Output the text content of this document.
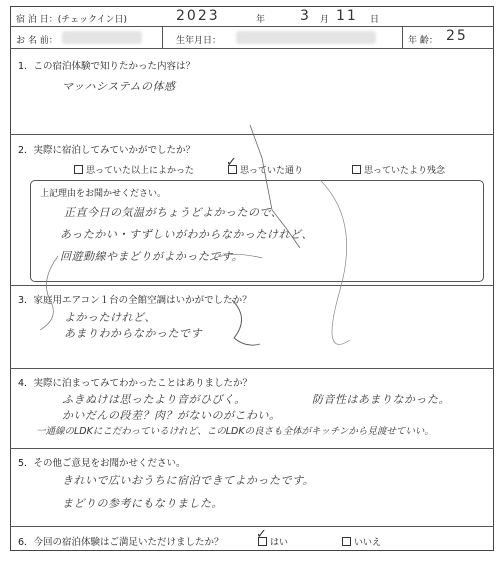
宿 泊 日：(チェックイン日)	2023	年 3 月 11 日
お 名 前：	生年月日：	年 齢： 25
1．この宿泊体験で知りたかった内容は？
マッハシステムの体感
2．実際に宿泊してみていかがでしたか？
思っていた以上によかった	思っていた通り
✓
思っていたより残念
上記理由をお聞かせください。
正直今日の気温がちょうどよかったので、
あったかい・すずしいがわからなかったけれど、
回遊動線やまどりがよかったです。
3．家庭用エアコン１台の全館空調はいかがでしたか？
よかったけれど、
あまりわからなかったです
4．実際に泊まってみてわかったことはありましたか？
ふきぬけは思ったより音がひびく。	防音性はあまりなかった。
かいだんの段差？肉？がないのがこわい。
一通線のLDKにこだわっているけれど、このLDKの良さも全体がキッチンから見渡せていい。
5．その他ご意見をお聞かせください。
きれいで広いおうちに宿泊できてよかったです。
まどりの参考にもなりました。
6．今回の宿泊体験はご満足いただけましたか？	はい
✓
いいえ
